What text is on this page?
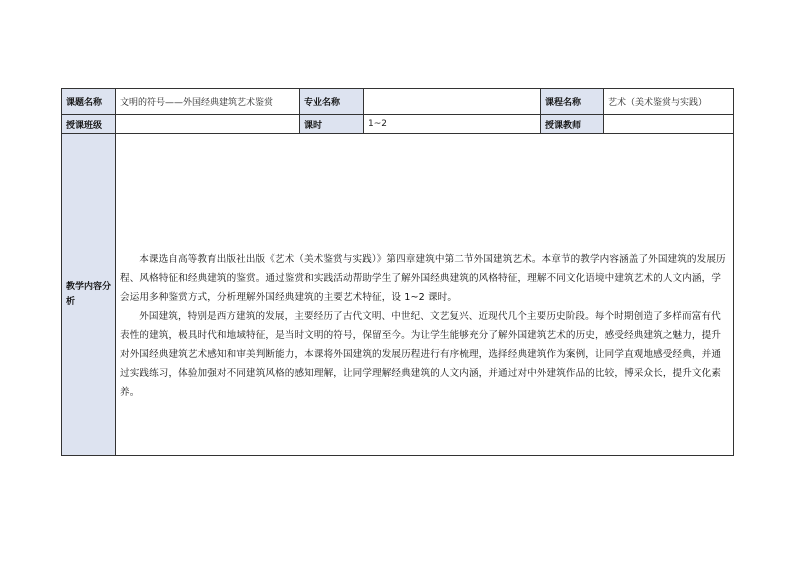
课题名称	文明的符号——外国经典建筑艺术鉴赏	专业名称		课程名称	艺术（美术鉴赏与实践）
授课班级		课时	1~2	授课教师	
教学内容分析	本课选自高等教育出版社出版《艺术（美术鉴赏与实践）》第四章建筑中第二节外国建筑艺术。本章节的教学内容涵盖了外国建筑的发展历程、风格特征和经典建筑的鉴赏。通过鉴赏和实践活动帮助学生了解外国经典建筑的风格特征，理解不同文化语境中建筑艺术的人文内涵，学会运用多种鉴赏方式，分析理解外国经典建筑的主要艺术特征，设 1~2 课时。

外国建筑，特别是西方建筑的发展，主要经历了古代文明、中世纪、文艺复兴、近现代几个主要历史阶段。每个时期创造了多样而富有代表性的建筑，极具时代和地域特征，是当时文明的符号，保留至今。为让学生能够充分了解外国建筑艺术的历史，感受经典建筑之魅力，提升对外国经典建筑艺术感知和审美判断能力，本课将外国建筑的发展历程进行有序梳理，选择经典建筑作为案例，让同学直观地感受经典，并通过实践练习，体验加强对不同建筑风格的感知理解，让同学理解经典建筑的人文内涵，并通过对中外建筑作品的比较，博采众长，提升文化素养。				
